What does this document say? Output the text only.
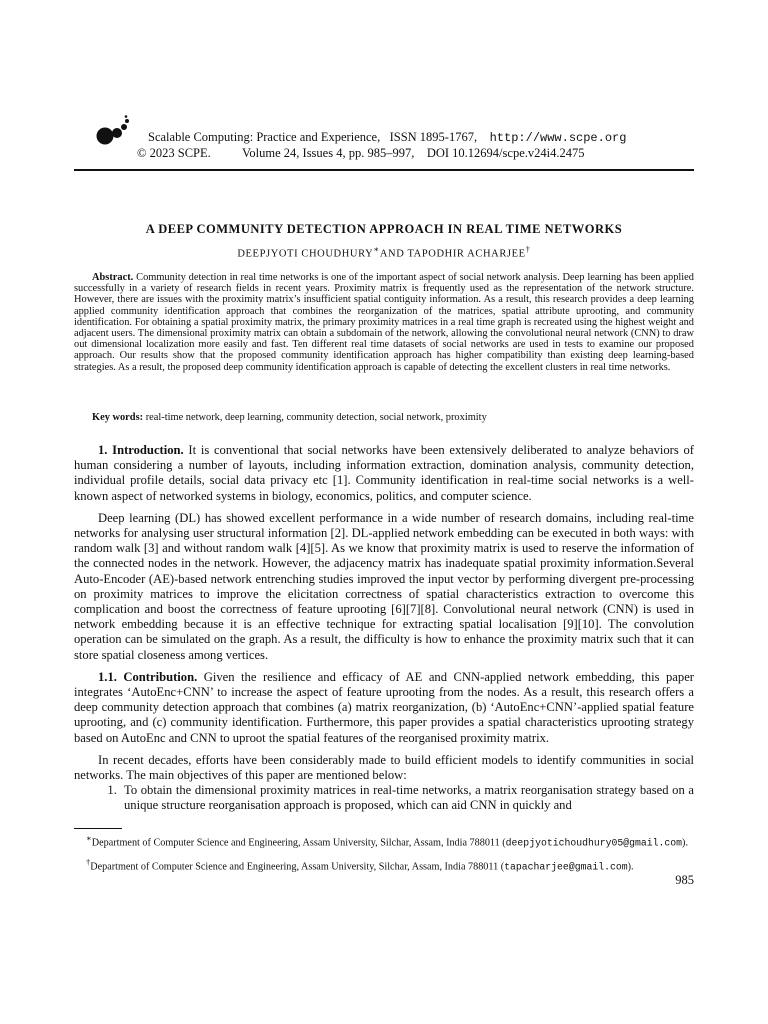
Scalable Computing: Practice and Experience, ISSN 1895-1767, http://www.scpe.org
© 2023 SCPE.	Volume 24, Issues 4, pp. 985–997, DOI 10.12694/scpe.v24i4.2475
A DEEP COMMUNITY DETECTION APPROACH IN REAL TIME NETWORKS
DEEPJYOTI CHOUDHURY∗AND TAPODHIR ACHARJEE†

Abstract. Community detection in real time networks is one of the important aspect of social network analysis. Deep learning has been applied successfully in a variety of research fields in recent years. Proximity matrix is frequently used as the representation of the network structure. However, there are issues with the proximity matrix’s insufficient spatial contiguity information. As a result, this research provides a deep learning applied community identification approach that combines the reorganization of the matrices, spatial attribute uprooting, and community identification. For obtaining a spatial proximity matrix, the primary proximity matrices in a real time graph is recreated using the highest weight and adjacent users. The dimensional proximity matrix can obtain a subdomain of the network, allowing the convolutional neural network (CNN) to draw out dimensional localization more easily and fast. Ten different real time datasets of social networks are used in tests to examine our proposed approach. Our results show that the proposed community identification approach has higher compatibility than existing deep learning-based strategies. As a result, the proposed deep community identification approach is capable of detecting the excellent clusters in real time networks.

Key words: real-time network, deep learning, community detection, social network, proximity

1. Introduction. It is conventional that social networks have been extensively deliberated to analyze behaviors of human considering a number of layouts, including information extraction, domination analysis, community detection, individual profile details, social data privacy etc [1]. Community identification in real-time social networks is a well-known aspect of networked systems in biology, economics, politics, and computer science.

Deep learning (DL) has showed excellent performance in a wide number of research domains, including real-time networks for analysing user structural information [2]. DL-applied network embedding can be executed in both ways: with random walk [3] and without random walk [4][5]. As we know that proximity matrix is used to reserve the information of the connected nodes in the network. However, the adjacency matrix has inadequate spatial proximity information.Several Auto-Encoder (AE)-based network entrenching studies improved the input vector by performing divergent pre-processing on proximity matrices to improve the elicitation correctness of spatial characteristics extraction to overcome this complication and boost the correctness of feature uprooting [6][7][8]. Convolutional neural network (CNN) is used in network embedding because it is an effective technique for extracting spatial localisation [9][10]. The convolution operation can be simulated on the graph. As a result, the difficulty is how to enhance the proximity matrix such that it can store spatial closeness among vertices.

1.1. Contribution. Given the resilience and efficacy of AE and CNN-applied network embedding, this paper integrates ‘AutoEnc+CNN’ to increase the aspect of feature uprooting from the nodes. As a result, this research offers a deep community detection approach that combines (a) matrix reorganization, (b) ‘AutoEnc+CNN’-applied spatial feature uprooting, and (c) community identification. Furthermore, this paper provides a spatial characteristics uprooting strategy based on AutoEnc and CNN to uproot the spatial features of the reorganised proximity matrix.

In recent decades, efforts have been considerably made to build efficient models to identify communities in social networks. The main objectives of this paper are mentioned below:

1. To obtain the dimensional proximity matrices in real-time networks, a matrix reorganisation strategy based on a unique structure reorganisation approach is proposed, which can aid CNN in quickly and

∗Department of Computer Science and Engineering, Assam University, Silchar, Assam, India 788011 (deepjyotichoudhury05@gmail.com).

†Department of Computer Science and Engineering, Assam University, Silchar, Assam, India 788011 (tapacharjee@gmail.com).

985
